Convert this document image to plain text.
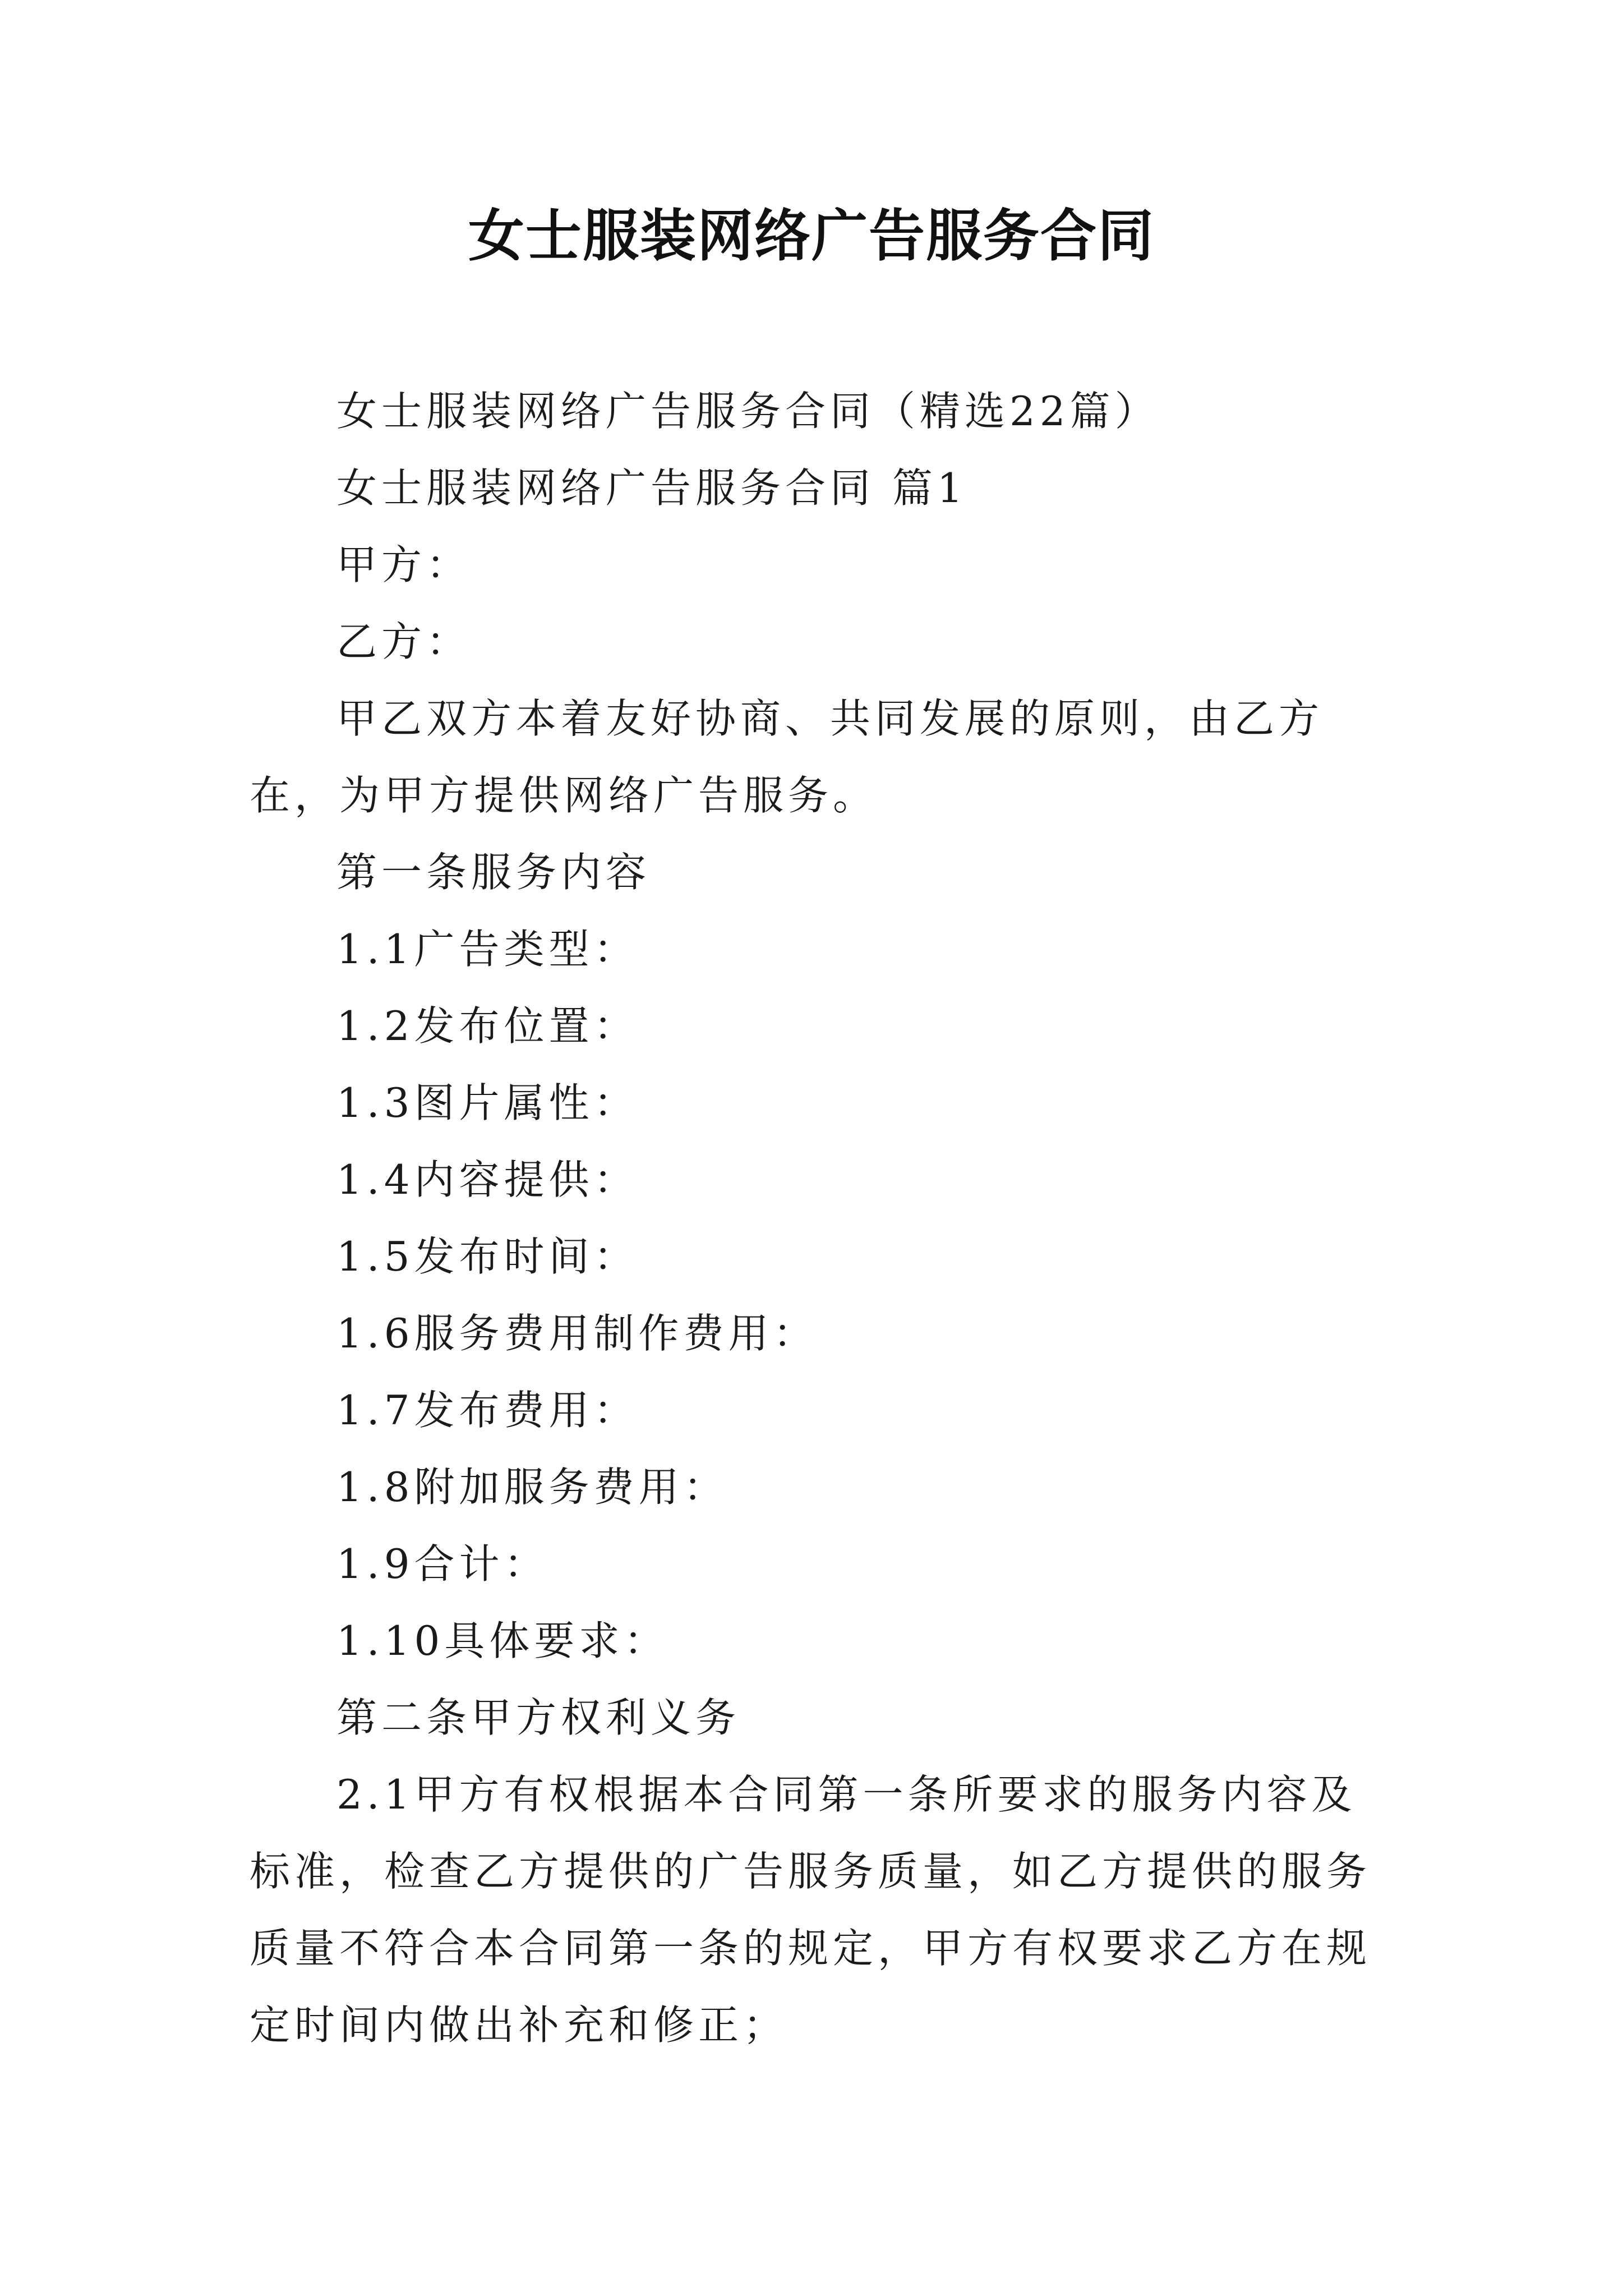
女士服装网络广告服务合同

女士服装网络广告服务合同（精选22篇）

女士服装网络广告服务合同 篇1

甲方：

乙方：

甲乙双方本着友好协商、共同发展的原则，由乙方在，为甲方提供网络广告服务。

第一条服务内容

1.1广告类型：

1.2发布位置：

1.3图片属性：

1.4内容提供：

1.5发布时间：

1.6服务费用制作费用：

1.7发布费用：

1.8附加服务费用：

1.9合计：

1.10具体要求：

第二条甲方权利义务

2.1甲方有权根据本合同第一条所要求的服务内容及标准，检查乙方提供的广告服务质量，如乙方提供的服务质量不符合本合同第一条的规定，甲方有权要求乙方在规定时间内做出补充和修正；
